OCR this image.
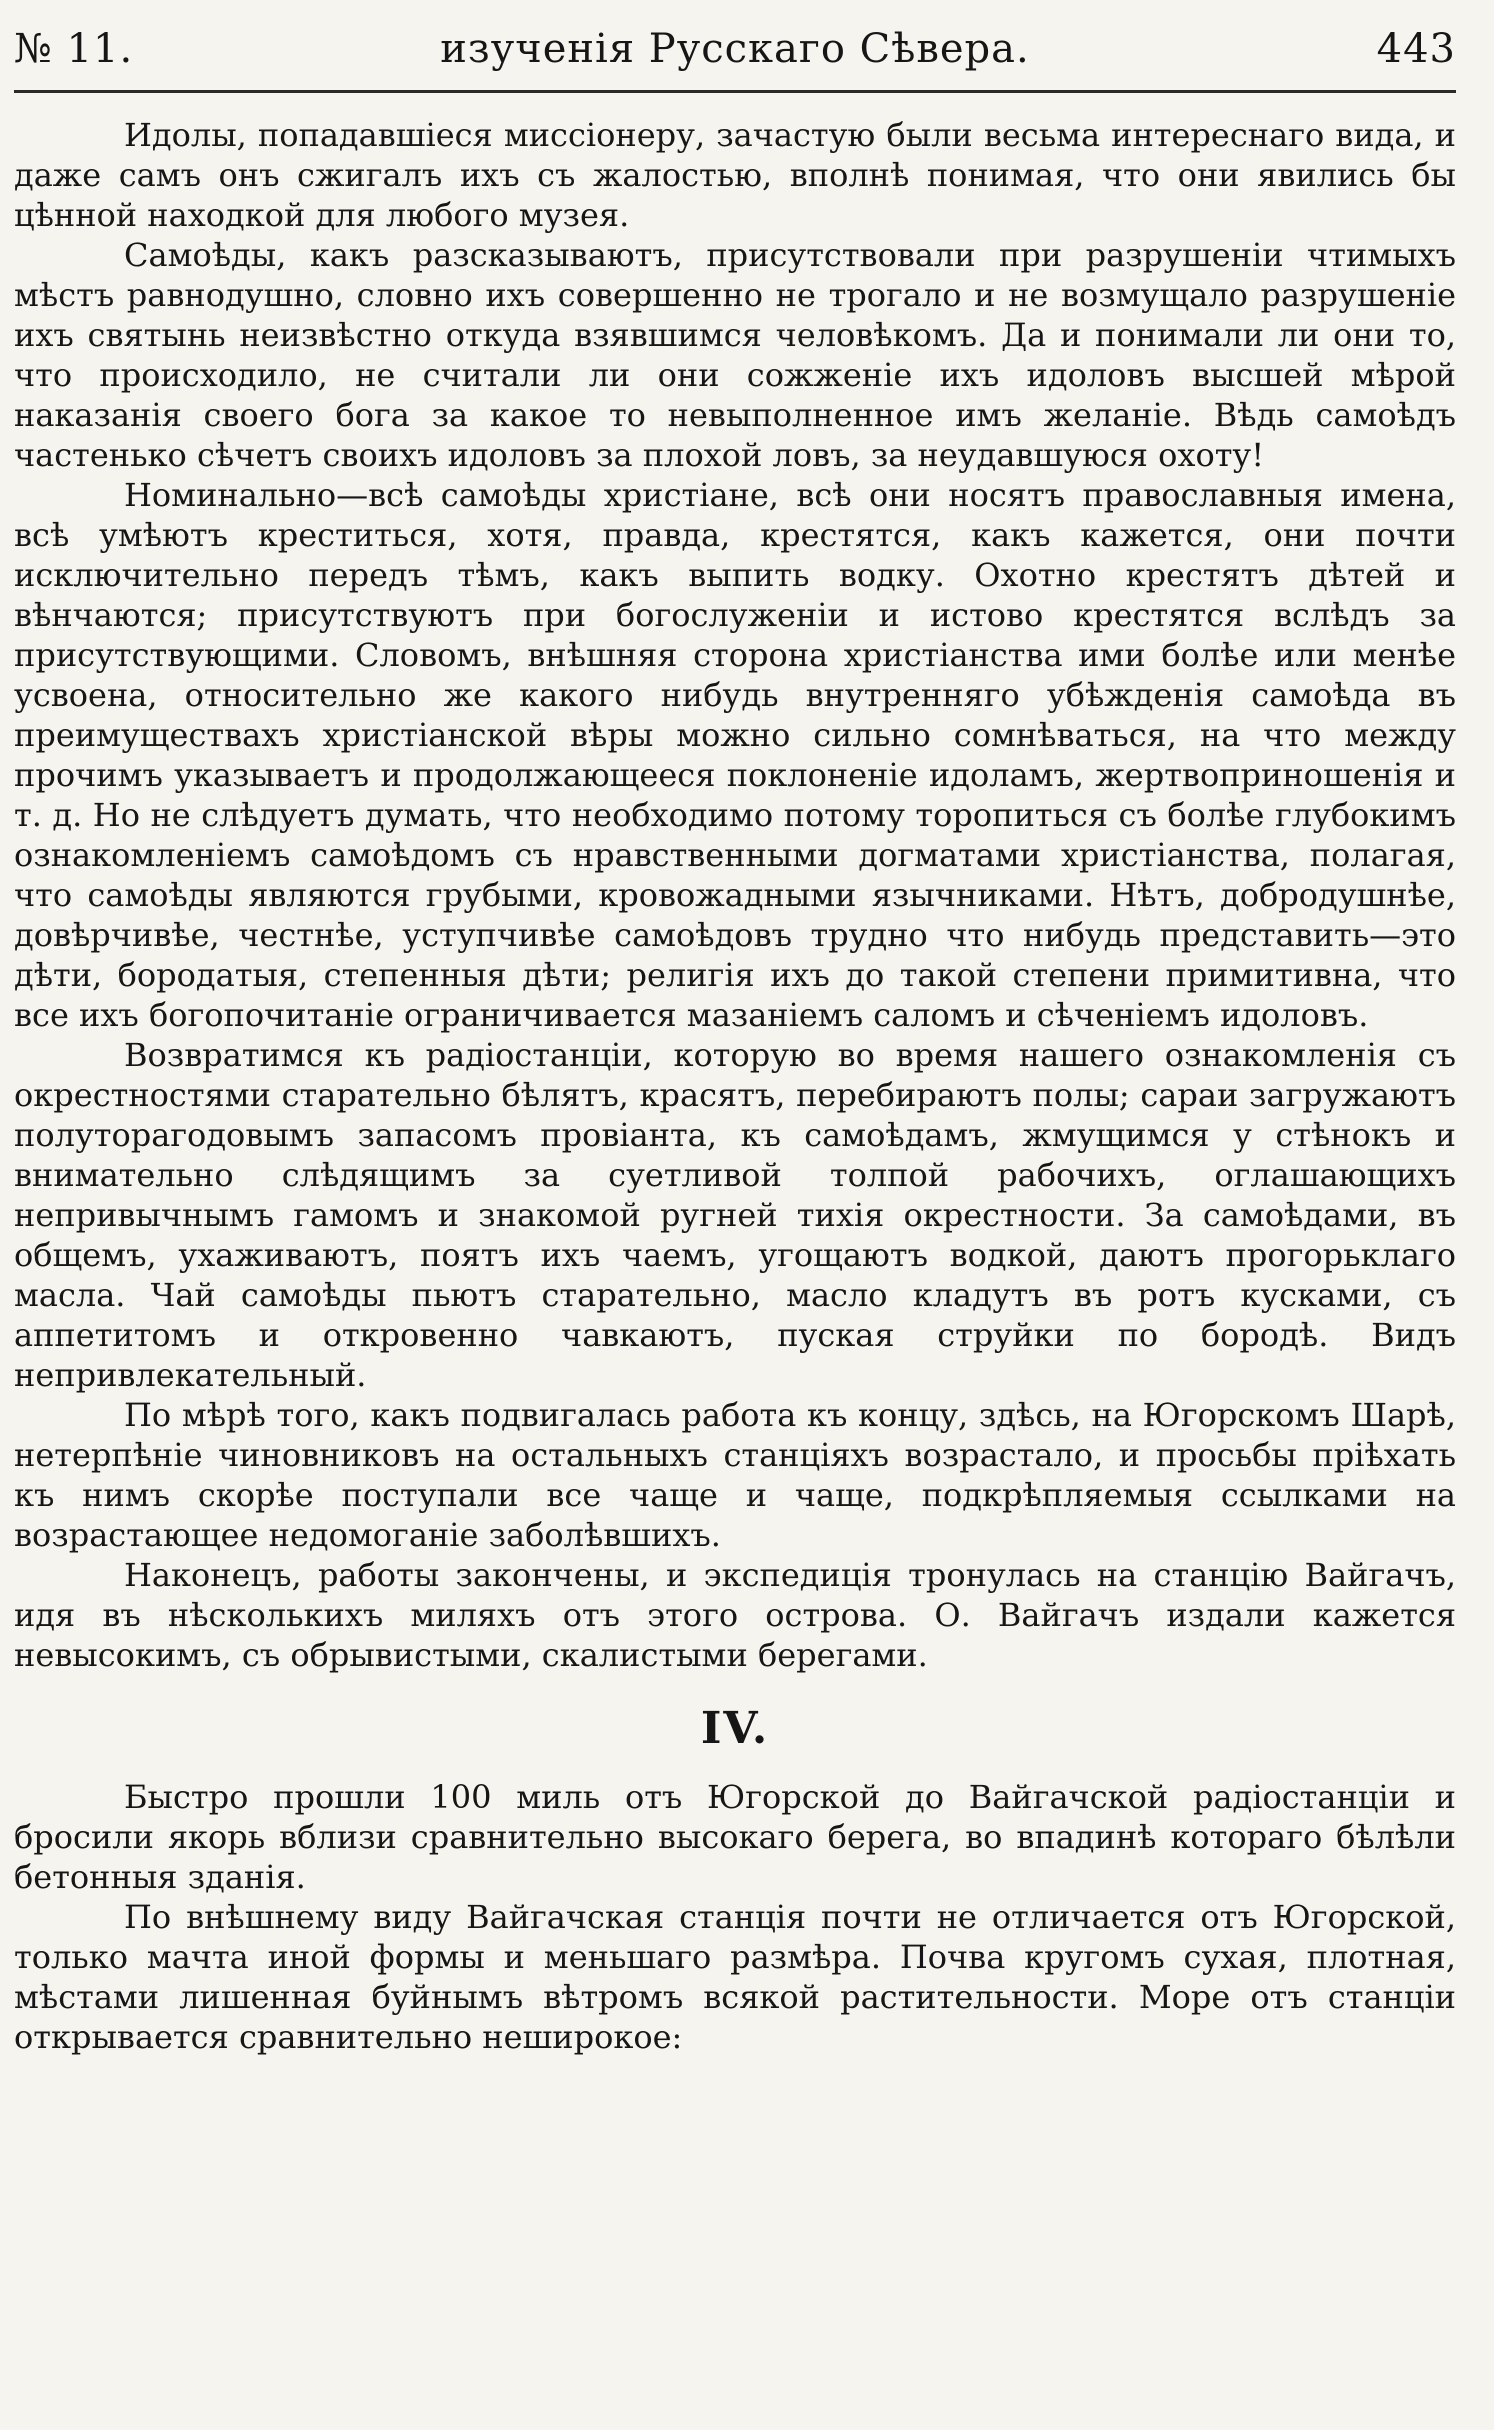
№ 11.	изученія Русскаго Сѣвера.	443

Идолы, попадавшіеся миссіонеру, зачастую были весьма интереснаго вида, и даже самъ онъ сжигалъ ихъ съ жалостью, вполнѣ понимая, что они явились бы цѣнной находкой для любого музея.

Самоѣды, какъ разсказываютъ, присутствовали при разрушеніи чтимыхъ мѣстъ равнодушно, словно ихъ совершенно не трогало и не возмущало разрушеніе ихъ святынь неизвѣстно откуда взявшимся человѣкомъ. Да и понимали ли они то, что происходило, не считали ли они сожженіе ихъ идоловъ высшей мѣрой наказанія своего бога за какое то невыполненное имъ желаніе. Вѣдь самоѣдъ частенько сѣчетъ своихъ идоловъ за плохой ловъ, за неудавшуюся охоту!

Номинально—всѣ самоѣды христіане, всѣ они носятъ православныя имена, всѣ умѣютъ креститься, хотя, правда, крестятся, какъ кажется, они почти исключительно передъ тѣмъ, какъ выпить водку. Охотно крестятъ дѣтей и вѣнчаются; присутствуютъ при богослуженіи и истово крестятся вслѣдъ за присутствующими. Словомъ, внѣшняя сторона христіанства ими болѣе или менѣе усвоена, относительно же какого нибудь внутренняго убѣжденія самоѣда въ преимуществахъ христіанской вѣры можно сильно сомнѣваться, на что между прочимъ указываетъ и продолжающееся поклоненіе идоламъ, жертвоприношенія и т. д. Но не слѣдуетъ думать, что необходимо потому торопиться съ болѣе глубокимъ ознакомленіемъ самоѣдомъ съ нравственными догматами христіанства, полагая, что самоѣды являются грубыми, кровожадными язычниками. Нѣтъ, добродушнѣе, довѣрчивѣе, честнѣе, уступчивѣе самоѣдовъ трудно что нибудь представить—это дѣти, бородатыя, степенныя дѣти; религія ихъ до такой степени примитивна, что все ихъ богопочитаніе ограничивается мазаніемъ саломъ и сѣченіемъ идоловъ.

Возвратимся къ радіостанціи, которую во время нашего ознакомленія съ окрестностями старательно бѣлятъ, красятъ, перебираютъ полы; сараи загружаютъ полуторагодовымъ запасомъ провіанта, къ самоѣдамъ, жмущимся у стѣнокъ и внимательно слѣдящимъ за суетливой толпой рабочихъ, оглашающихъ непривычнымъ гамомъ и знакомой ругней тихія окрестности. За самоѣдами, въ общемъ, ухаживаютъ, поятъ ихъ чаемъ, угощаютъ водкой, даютъ прогорьклаго масла. Чай самоѣды пьютъ старательно, масло кладутъ въ ротъ кусками, съ аппетитомъ и откровенно чавкаютъ, пуская струйки по бородѣ. Видъ непривлекательный.

По мѣрѣ того, какъ подвигалась работа къ концу, здѣсь, на Югорскомъ Шарѣ, нетерпѣніе чиновниковъ на остальныхъ станціяхъ возрастало, и просьбы пріѣхать къ нимъ скорѣе поступали все чаще и чаще, подкрѣпляемыя ссылками на возрастающее недомоганіе заболѣвшихъ.

Наконецъ, работы закончены, и экспедиція тронулась на станцію Вайгачъ, идя въ нѣсколькихъ миляхъ отъ этого острова. О. Вайгачъ издали кажется невысокимъ, съ обрывистыми, скалистыми берегами.

IV.

Быстро прошли 100 миль отъ Югорской до Вайгачской радіостанціи и бросили якорь вблизи сравнительно высокаго берега, во впадинѣ котораго бѣлѣли бетонныя зданія.

По внѣшнему виду Вайгачская станція почти не отличается отъ Югорской, только мачта иной формы и меньшаго размѣра. Почва кругомъ сухая, плотная, мѣстами лишенная буйнымъ вѣтромъ всякой растительности. Море отъ станціи открывается сравнительно неширокое:
